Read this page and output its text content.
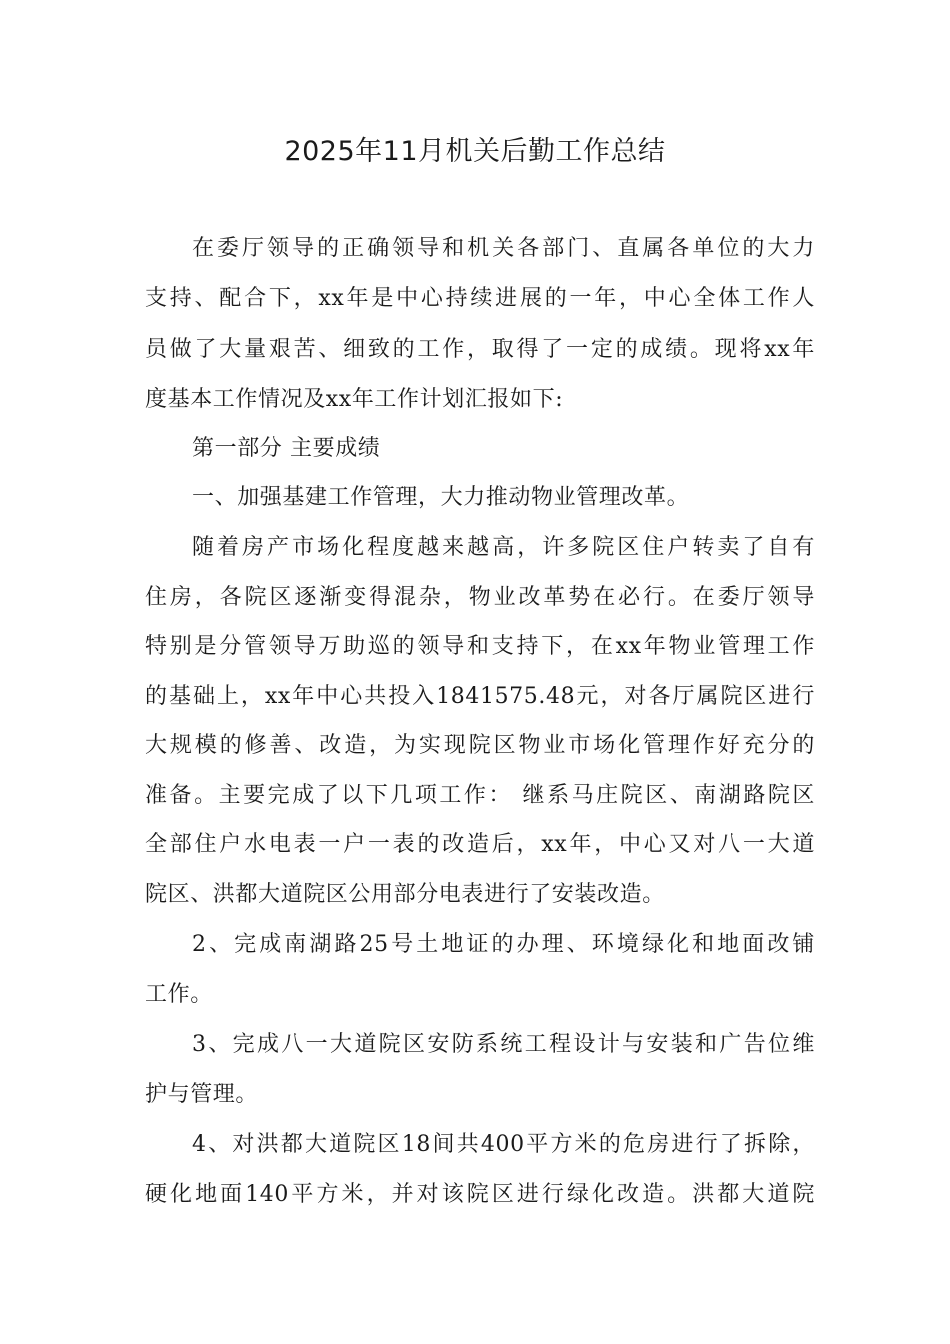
2025年11月机关后勤工作总结
在委厅领导的正确领导和机关各部门、直属各单位的大力
支持、配合下，xx年是中心持续进展的一年，中心全体工作人
员做了大量艰苦、细致的工作，取得了一定的成绩。现将xx年
度基本工作情况及xx年工作计划汇报如下:
第一部分 主要成绩
一、加强基建工作管理，大力推动物业管理改革。
随着房产市场化程度越来越高，许多院区住户转卖了自有
住房，各院区逐渐变得混杂，物业改革势在必行。在委厅领导
特别是分管领导万助巡的领导和支持下，在xx年物业管理工作
的基础上，xx年中心共投入1841575.48元，对各厅属院区进行
大规模的修善、改造，为实现院区物业市场化管理作好充分的
准备。主要完成了以下几项工作： 继系马庄院区、南湖路院区
全部住户水电表一户一表的改造后，xx年，中心又对八一大道
院区、洪都大道院区公用部分电表进行了安装改造。
2、完成南湖路25号土地证的办理、环境绿化和地面改铺
工作。
3、完成八一大道院区安防系统工程设计与安装和广告位维
护与管理。
4、对洪都大道院区18间共400平方米的危房进行了拆除，
硬化地面140平方米，并对该院区进行绿化改造。洪都大道院
